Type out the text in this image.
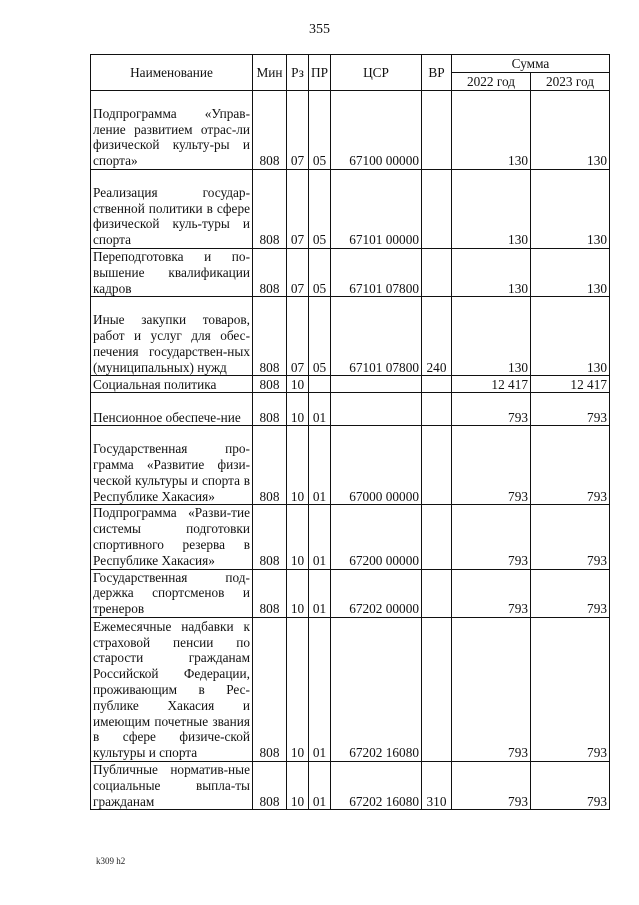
355
Наименование	Мин	Рз	ПР	ЦСР	ВР	Сумма	
						2022 год	2023 год
Подпрограмма «Управ-ление развитием отрас-ли физической культу-ры и спорта»	808	07	05	67100 00000		130	130
Реализация государ-ственной политики в сфере физической куль-туры и спорта	808	07	05	67101 00000		130	130
Переподготовка и по-вышение квалификации кадров	808	07	05	67101 07800		130	130
Иные закупки товаров, работ и услуг для обес-печения государствен-ных (муниципальных) нужд	808	07	05	67101 07800	240	130	130
Социальная политика	808	10				12 417	12 417
Пенсионное обеспече-ние	808	10	01			793	793
Государственная про-грамма «Развитие физи-ческой культуры и спорта в Республике Хакасия»	808	10	01	67000 00000		793	793
Подпрограмма «Разви-тие системы подготовки спортивного резерва в Республике Хакасия»	808	10	01	67200 00000		793	793
Государственная под-держка спортсменов и тренеров	808	10	01	67202 00000		793	793
Ежемесячные надбавки к страховой пенсии по старости гражданам Российской Федерации, проживающим в Рес-публике Хакасия и имеющим почетные звания в сфере физиче-ской культуры и спорта	808	10	01	67202 16080		793	793
Публичные норматив-ные социальные выпла-ты гражданам	808	10	01	67202 16080	310	793	793
k309 h2
